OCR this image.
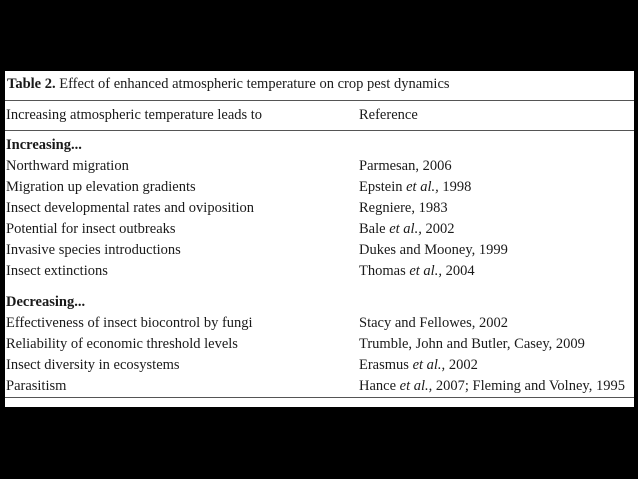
Table 2. Effect of enhanced atmospheric temperature on crop pest dynamics
Increasing atmospheric temperature leads to	Reference
Increasing...
Northward migration	Parmesan, 2006
Migration up elevation gradients	Epstein et al., 1998
Insect developmental rates and oviposition	Regniere, 1983
Potential for insect outbreaks	Bale et al., 2002
Invasive species introductions	Dukes and Mooney, 1999
Insect extinctions	Thomas et al., 2004
Decreasing...
Effectiveness of insect biocontrol by fungi	Stacy and Fellowes, 2002
Reliability of economic threshold levels	Trumble, John and Butler, Casey, 2009
Insect diversity in ecosystems	Erasmus et al., 2002
Parasitism	Hance et al., 2007; Fleming and Volney, 1995
